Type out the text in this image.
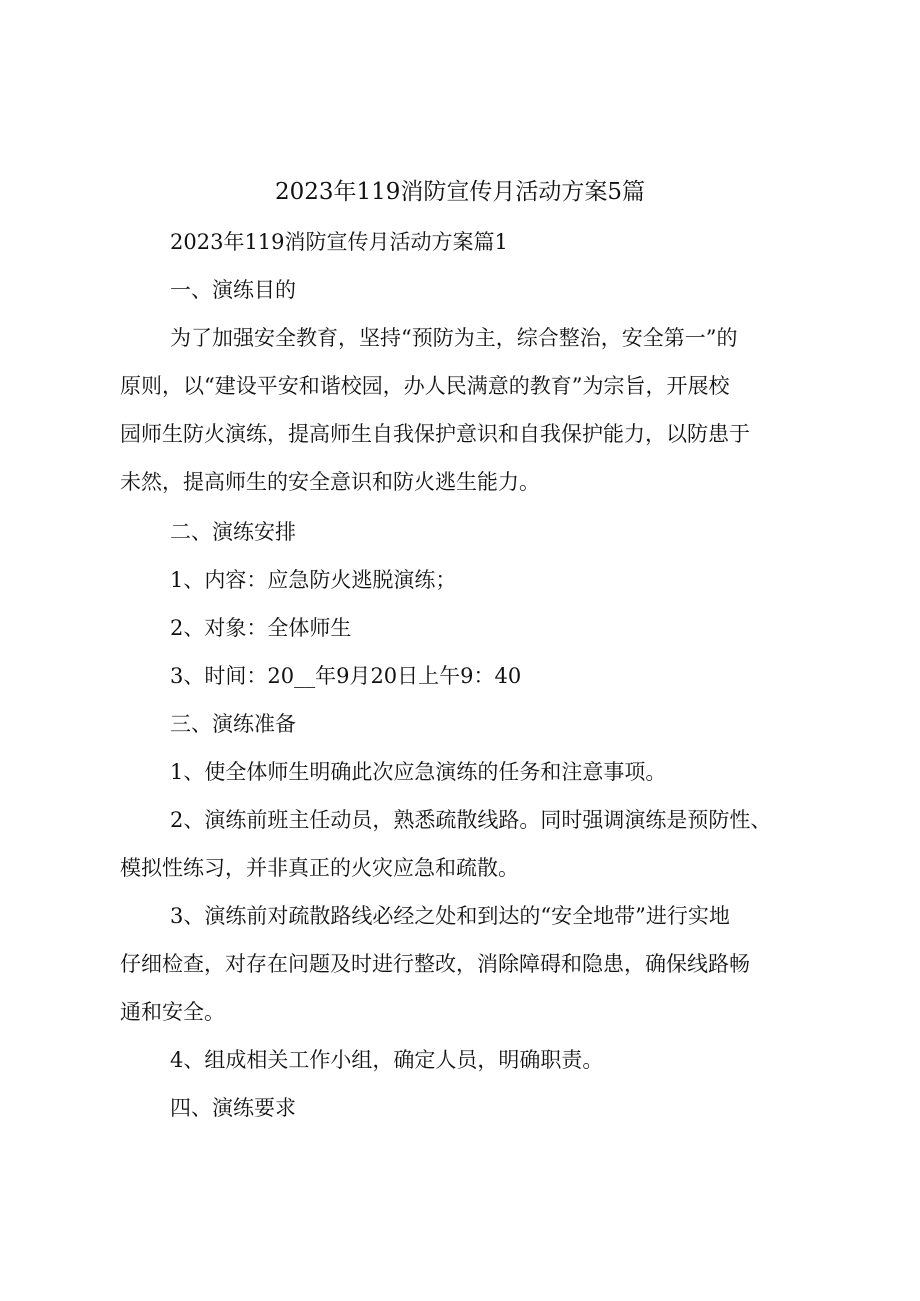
2023年119消防宣传月活动方案5篇
2023年119消防宣传月活动方案篇1
一、演练目的
为了加强安全教育，坚持“预防为主，综合整治，安全第一”的
原则，以“建设平安和谐校园，办人民满意的教育”为宗旨，开展校
园师生防火演练，提高师生自我保护意识和自我保护能力，以防患于
未然，提高师生的安全意识和防火逃生能力。
二、演练安排
1、内容：应急防火逃脱演练；
2、对象：全体师生
3、时间：20__年9月20日上午9：40
三、演练准备
1、使全体师生明确此次应急演练的任务和注意事项。
2、演练前班主任动员，熟悉疏散线路。同时强调演练是预防性、
模拟性练习，并非真正的火灾应急和疏散。
3、演练前对疏散路线必经之处和到达的“安全地带”进行实地
仔细检查，对存在问题及时进行整改，消除障碍和隐患，确保线路畅
通和安全。
4、组成相关工作小组，确定人员，明确职责。
四、演练要求
